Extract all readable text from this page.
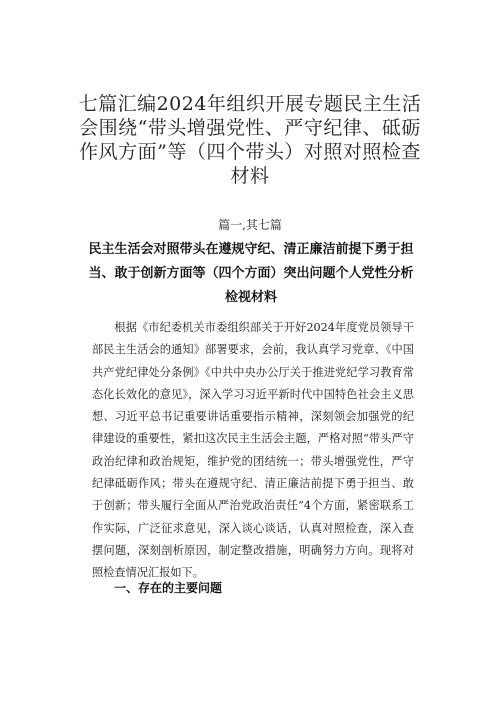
七篇汇编2024年组织开展专题民主生活会围绕“带头增强党性、严守纪律、砥砺作风方面”等（四个带头）对照对照检查材料

篇一,其七篇

民主生活会对照带头在遵规守纪、清正廉洁前提下勇于担当、敢于创新方面等（四个方面）突出问题个人党性分析检视材料

根据《市纪委机关市委组织部关于开好2024年度党员领导干部民主生活会的通知》部署要求，会前，我认真学习党章、《中国共产党纪律处分条例》《中共中央办公厅关于推进党纪学习教育常态化长效化的意见》，深入学习习近平新时代中国特色社会主义思想、习近平总书记重要讲话重要指示精神，深刻领会加强党的纪律建设的重要性，紧扣这次民主生活会主题，严格对照“带头严守政治纪律和政治规矩，维护党的团结统一；带头增强党性，严守纪律砥砺作风；带头在遵规守纪、清正廉洁前提下勇于担当、敢于创新；带头履行全面从严治党政治责任”4个方面，紧密联系工作实际，广泛征求意见，深入谈心谈话，认真对照检查，深入查摆问题，深刻剖析原因，制定整改措施，明确努力方向。现将对照检查情况汇报如下。

一、存在的主要问题
